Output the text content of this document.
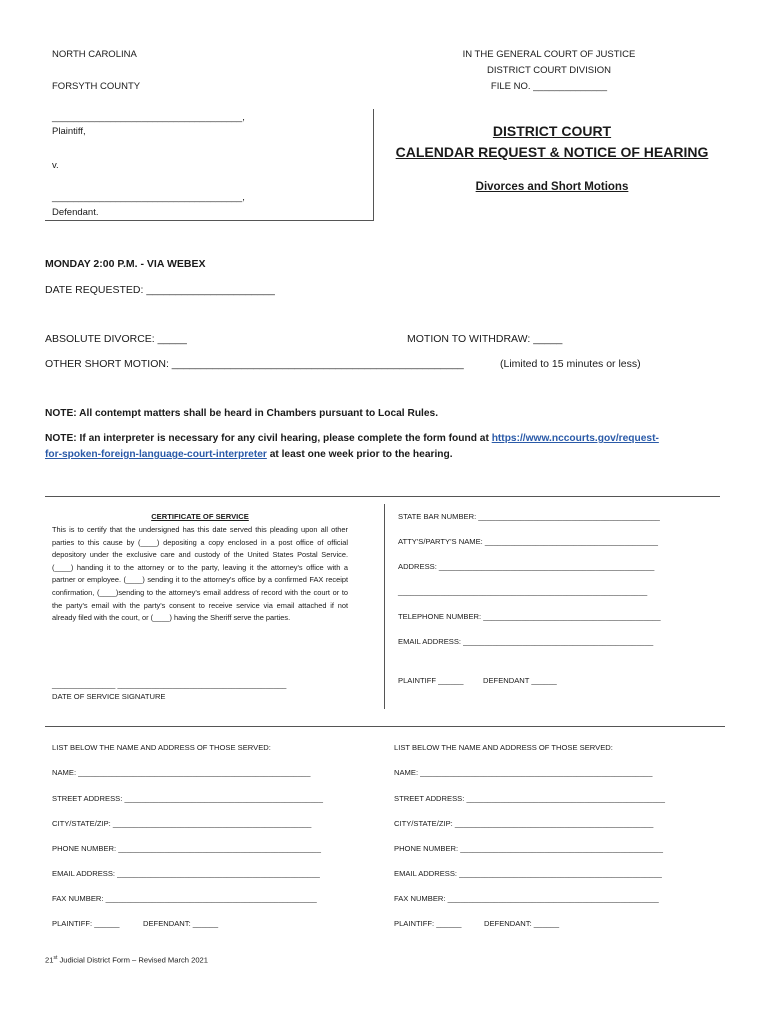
NORTH CAROLINA
FORSYTH COUNTY
IN THE GENERAL COURT OF JUSTICE
DISTRICT COURT DIVISION
FILE NO. ______________
____________________________________,
Plaintiff,
v.
____________________________________,
Defendant.
DISTRICT COURT
CALENDAR REQUEST & NOTICE OF HEARING
Divorces and Short Motions
MONDAY 2:00 P.M. - VIA WEBEX
DATE REQUESTED: ______________________
ABSOLUTE DIVORCE: _____	MOTION TO WITHDRAW: _____
OTHER SHORT MOTION: __________________________________________________	(Limited to 15 minutes or less)
NOTE: All contempt matters shall be heard in Chambers pursuant to Local Rules.
NOTE: If an interpreter is necessary for any civil hearing, please complete the form found at https://www.nccourts.gov/request-
for-spoken-foreign-language-court-interpreter at least one week prior to the hearing.
CERTIFICATE OF SERVICE
This is to certify that the undersigned has this date served this pleading upon all other parties to this cause by (____) depositing a copy enclosed in a post office of official depository under the exclusive care and custody of the United States Postal Service. (____) handing it to the attorney or to the party, leaving it the attorney's office with a partner or employee. (____) sending it to the attorney's office by a confirmed FAX receipt confirmation, (____)sending to the attorney's email address of record with the court or to the party's email with the party's consent to receive service via email attached if not already filed with the court, or (____) having the Sheriff serve the parties.
_______________ ________________________________________
DATE OF SERVICE SIGNATURE
STATE BAR NUMBER: ___________________________________________
ATTY'S/PARTY'S NAME: _________________________________________
ADDRESS: ___________________________________________________
___________________________________________________________
TELEPHONE NUMBER: __________________________________________
EMAIL ADDRESS: _____________________________________________
PLAINTIFF ______	DEFENDANT ______
LIST BELOW THE NAME AND ADDRESS OF THOSE SERVED:
NAME: _______________________________________________________
STREET ADDRESS: _______________________________________________
CITY/STATE/ZIP: _______________________________________________
PHONE NUMBER: ________________________________________________
EMAIL ADDRESS: ________________________________________________
FAX NUMBER: __________________________________________________
PLAINTIFF: ______	DEFENDANT: ______
LIST BELOW THE NAME AND ADDRESS OF THOSE SERVED:
NAME: _______________________________________________________
STREET ADDRESS: _______________________________________________
CITY/STATE/ZIP: _______________________________________________
PHONE NUMBER: ________________________________________________
EMAIL ADDRESS: ________________________________________________
FAX NUMBER: __________________________________________________
PLAINTIFF: ______	DEFENDANT: ______
21st Judicial District Form – Revised March 2021
